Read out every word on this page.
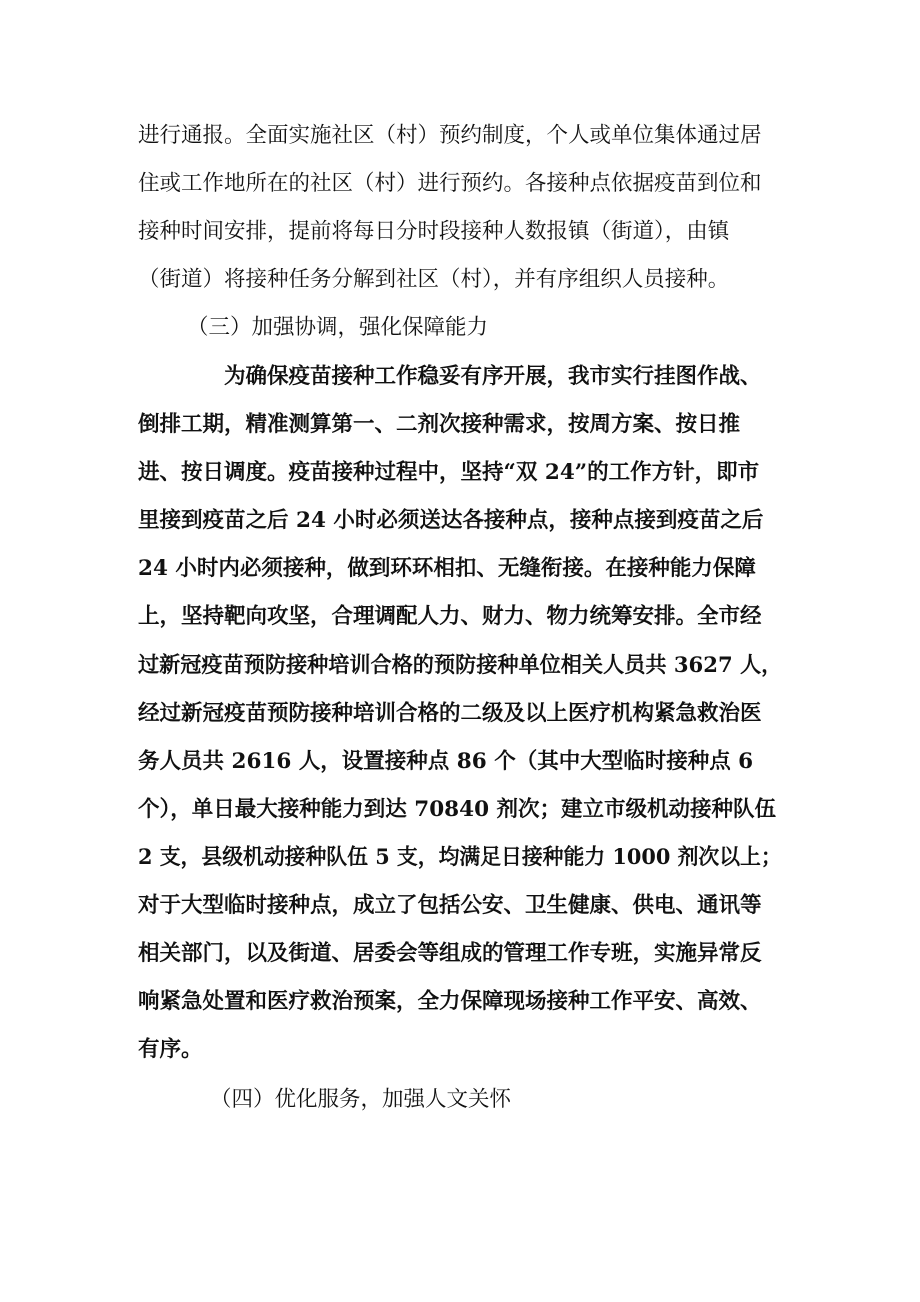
进行通报。全面实施社区（村）预约制度，个人或单位集体通过居
住或工作地所在的社区（村）进行预约。各接种点依据疫苗到位和
接种时间安排，提前将每日分时段接种人数报镇（街道），由镇
（街道）将接种任务分解到社区（村），并有序组织人员接种。
（三）加强协调，强化保障能力
为确保疫苗接种工作稳妥有序开展，我市实行挂图作战、
倒排工期，精准测算第一、二剂次接种需求，按周方案、按日推
进、按日调度。疫苗接种过程中，坚持“双 24”的工作方针，即市
里接到疫苗之后 24 小时必须送达各接种点，接种点接到疫苗之后
24 小时内必须接种，做到环环相扣、无缝衔接。在接种能力保障
上，坚持靶向攻坚，合理调配人力、财力、物力统筹安排。全市经
过新冠疫苗预防接种培训合格的预防接种单位相关人员共 3627 人，
经过新冠疫苗预防接种培训合格的二级及以上医疗机构紧急救治医
务人员共 2616 人，设置接种点 86 个（其中大型临时接种点 6
个），单日最大接种能力到达 70840 剂次；建立市级机动接种队伍
2 支，县级机动接种队伍 5 支，均满足日接种能力 1000 剂次以上；
对于大型临时接种点，成立了包括公安、卫生健康、供电、通讯等
相关部门，以及街道、居委会等组成的管理工作专班，实施异常反
响紧急处置和医疗救治预案，全力保障现场接种工作平安、高效、
有序。
（四）优化服务，加强人文关怀
